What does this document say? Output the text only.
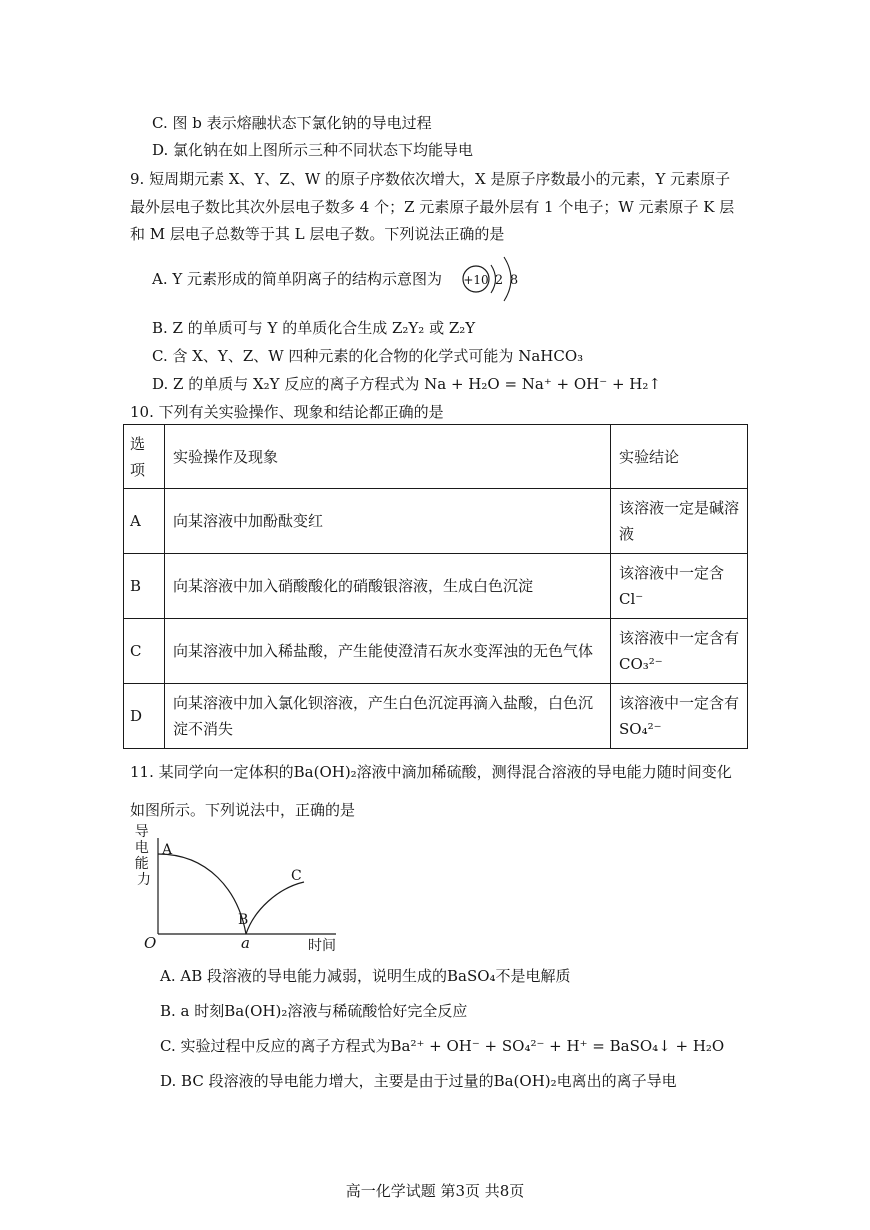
C. 图 b 表示熔融状态下氯化钠的导电过程
D. 氯化钠在如上图所示三种不同状态下均能导电
9. 短周期元素 X、Y、Z、W 的原子序数依次增大，X 是原子序数最小的元素，Y 元素原子
最外层电子数比其次外层电子数多 4 个；Z 元素原子最外层有 1 个电子；W 元素原子 K 层
和 M 层电子总数等于其 L 层电子数。下列说法正确的是
A. Y 元素形成的简单阴离子的结构示意图为 +10 2 8
B. Z 的单质可与 Y 的单质化合生成 Z₂Y₂ 或 Z₂Y
C. 含 X、Y、Z、W 四种元素的化合物的化学式可能为 NaHCO₃
D. Z 的单质与 X₂Y 反应的离子方程式为 Na + H₂O = Na⁺ + OH⁻ + H₂↑
10. 下列有关实验操作、现象和结论都正确的是
选项	实验操作及现象	实验结论
A	向某溶液中加酚酞变红	该溶液一定是碱溶液
B	向某溶液中加入硝酸酸化的硝酸银溶液，生成白色沉淀	该溶液中一定含Cl⁻
C	向某溶液中加入稀盐酸，产生能使澄清石灰水变浑浊的无色气体	该溶液中一定含有CO₃²⁻
D	向某溶液中加入氯化钡溶液，产生白色沉淀再滴入盐酸，白色沉淀不消失	该溶液中一定含有SO₄²⁻
11. 某同学向一定体积的Ba(OH)₂溶液中滴加稀硫酸，测得混合溶液的导电能力随时间变化
如图所示。下列说法中，正确的是
导 电 能 力
A
B
C
O	a	时间
A. AB 段溶液的导电能力减弱，说明生成的BaSO₄不是电解质
B. a 时刻Ba(OH)₂溶液与稀硫酸恰好完全反应
C. 实验过程中反应的离子方程式为Ba²⁺ + OH⁻ + SO₄²⁻ + H⁺ = BaSO₄↓ + H₂O
D. BC 段溶液的导电能力增大，主要是由于过量的Ba(OH)₂电离出的离子导电
高一化学试题 第3页 共8页
